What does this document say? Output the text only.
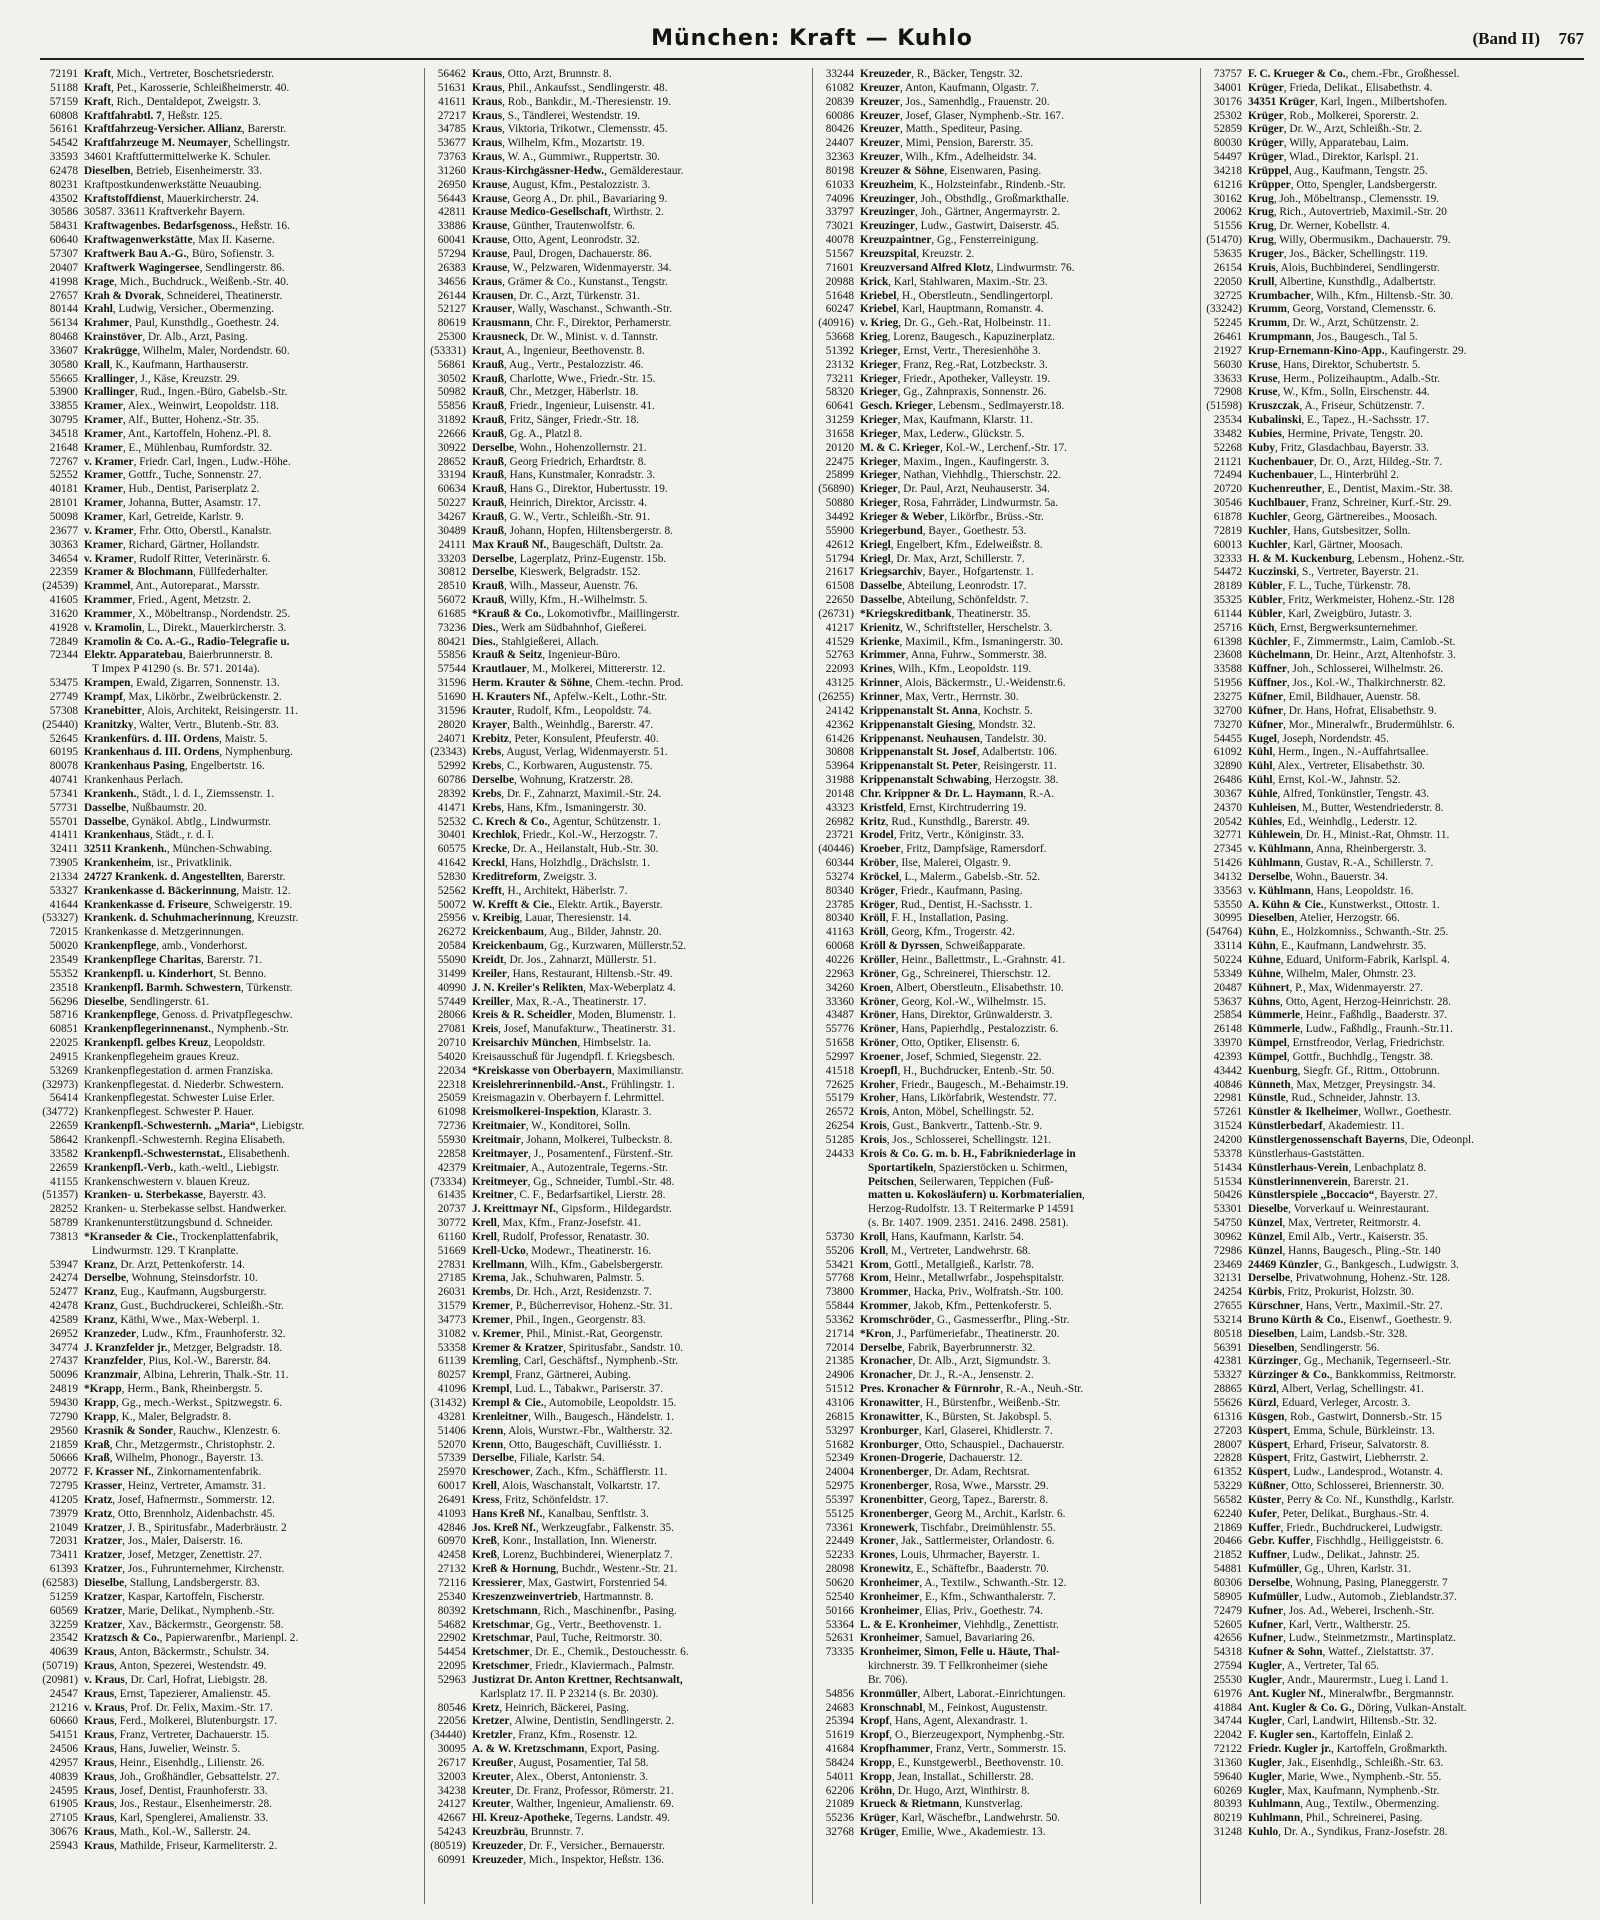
München: Kraft — Kuhlo	(Band II) 767
72191 Kraft, Mich., Vertreter, Boschetsriederstr.
51188 Kraft, Pet., Karosserie, Schleißheimerstr. 40.
57159 Kraft, Rich., Dentaldepot, Zweigstr. 3.
60808 Kraftfahrabtl. 7, Heßstr. 125.
56161 Kraftfahrzeug-Versicher. Allianz, Barerstr.
54542 Kraftfahrzeuge M. Neumayer, Schellingstr.
33593 34601 Kraftfuttermittelwerke K. Schuler.
62478 Dieselben, Betrieb, Eisenheimerstr. 33.
80231 Kraftpostkundenwerkstätte Neuaubing.
43502 Kraftstoffdienst, Mauerkircherstr. 24.
30586 30587. 33611 Kraftverkehr Bayern.
58431 Kraftwagenbes. Bedarfsgenoss., Heßstr. 16.
60640 Kraftwagenwerkstätte, Max II. Kaserne.
57307 Kraftwerk Bau A.-G., Büro, Sofienstr. 3.
20407 Kraftwerk Wagingersee, Sendlingerstr. 86.
41998 Krage, Mich., Buchdruck., Weißenb.-Str. 40.
27657 Krah & Dvorak, Schneiderei, Theatinerstr.
80144 Krahl, Ludwig, Versicher., Obermenzing.
56134 Krahmer, Paul, Kunsthdlg., Goethestr. 24.
80468 Krainstöver, Dr. Alb., Arzt, Pasing.
33607 Krakrügge, Wilhelm, Maler, Nordendstr. 60.
30580 Krall, K., Kaufmann, Harthauserstr.
55665 Krallinger, J., Käse, Kreuzstr. 29.
53900 Krallinger, Rud., Ingen.-Büro, Gabelsb.-Str.
33855 Kramer, Alex., Weinwirt, Leopoldstr. 118.
30795 Kramer, Alf., Butter, Hohenz.-Str. 35.
34518 Kramer, Ant., Kartoffeln, Hohenz.-Pl. 8.
21648 Kramer, E., Mühlenbau, Rumfordstr. 32.
72767 v. Kramer, Friedr. Carl, Ingen., Ludw.-Höhe.
52552 Kramer, Gottfr., Tuche, Sonnenstr. 27.
40181 Kramer, Hub., Dentist, Pariserplatz 2.
28101 Kramer, Johanna, Butter, Asamstr. 17.
50098 Kramer, Karl, Getreide, Karlstr. 9.
23677 v. Kramer, Frhr. Otto, Oberstl., Kanalstr.
30363 Kramer, Richard, Gärtner, Hollandstr.
34654 v. Kramer, Rudolf Ritter, Veterinärstr. 6.
22359 Kramer & Blochmann, Füllfederhalter.
(24539) Krammel, Ant., Autoreparat., Marsstr.
41605 Krammer, Fried., Agent, Metzstr. 2.
31620 Krammer, X., Möbeltransp., Nordendstr. 25.
41928 v. Kramolin, L., Direkt., Mauerkircherstr. 3.
72849 Kramolin & Co. A.-G., Radio-Telegrafie u.
72344 Elektr. Apparatebau, Baierbrunnerstr. 8.
T Impex P 41290 (s. Br. 571. 2014a).
53475 Krampen, Ewald, Zigarren, Sonnenstr. 13.
27749 Krampf, Max, Likörbr., Zweibrückenstr. 2.
57308 Kranebitter, Alois, Architekt, Reisingerstr. 11.
(25440) Kranitzky, Walter, Vertr., Blutenb.-Str. 83.
52645 Krankenfürs. d. III. Ordens, Maistr. 5.
60195 Krankenhaus d. III. Ordens, Nymphenburg.
80078 Krankenhaus Pasing, Engelbertstr. 16.
40741 Krankenhaus Perlach.
57341 Krankenh., Städt., l. d. I., Ziemssenstr. 1.
57731 Dasselbe, Nußbaumstr. 20.
55701 Dasselbe, Gynäkol. Abtlg., Lindwurmstr.
41411 Krankenhaus, Städt., r. d. I.
32411 32511 Krankenh., München-Schwabing.
73905 Krankenheim, isr., Privatklinik.
21334 24727 Krankenk. d. Angestellten, Barerstr.
53327 Krankenkasse d. Bäckerinnung, Maistr. 12.
41644 Krankenkasse d. Friseure, Schweigerstr. 19.
(53327) Krankenk. d. Schuhmacherinnung, Kreuzstr.
72015 Krankenkasse d. Metzgerinnungen.
50020 Krankenpflege, amb., Vonderhorst.
23549 Krankenpflege Charitas, Barerstr. 71.
55352 Krankenpfl. u. Kinderhort, St. Benno.
23518 Krankenpfl. Barmh. Schwestern, Türkenstr.
56296 Dieselbe, Sendlingerstr. 61.
58716 Krankenpflege, Genoss. d. Privatpflegeschw.
60851 Krankenpflegerinnenanst., Nymphenb.-Str.
22025 Krankenpfl. gelbes Kreuz, Leopoldstr.
24915 Krankenpflegeheim graues Kreuz.
53269 Krankenpflegestation d. armen Franziska.
(32973) Krankenpflegestat. d. Niederbr. Schwestern.
56414 Krankenpflegestat. Schwester Luise Erler.
(34772) Krankenpflegest. Schwester P. Hauer.
22659 Krankenpfl.-Schwesternh. „Maria“, Liebigstr.
58642 Krankenpfl.-Schwesternh. Regina Elisabeth.
33582 Krankenpfl.-Schwesternstat., Elisabethenh.
22659 Krankenpfl.-Verb., kath.-weltl., Liebigstr.
41155 Krankenschwestern v. blauen Kreuz.
(51357) Kranken- u. Sterbekasse, Bayerstr. 43.
28252 Kranken- u. Sterbekasse selbst. Handwerker.
58789 Krankenunterstützungsbund d. Schneider.
73813 *Kranseder & Cie., Trockenplattenfabrik,
Lindwurmstr. 129. T Kranplatte.
53947 Kranz, Dr. Arzt, Pettenkoferstr. 14.
24274 Derselbe, Wohnung, Steinsdorfstr. 10.
52477 Kranz, Eug., Kaufmann, Augsburgerstr.
42478 Kranz, Gust., Buchdruckerei, Schleißh.-Str.
42589 Kranz, Käthi, Wwe., Max-Weberpl. 1.
26952 Kranzeder, Ludw., Kfm., Fraunhoferstr. 32.
34774 J. Kranzfelder jr., Metzger, Belgradstr. 18.
27437 Kranzfelder, Pius, Kol.-W., Barerstr. 84.
50096 Kranzmair, Albina, Lehrerin, Thalk.-Str. 11.
24819 *Krapp, Herm., Bank, Rheinbergstr. 5.
59430 Krapp, Gg., mech.-Werkst., Spitzwegstr. 6.
72790 Krapp, K., Maler, Belgradstr. 8.
29560 Krasnik & Sonder, Rauchw., Klenzestr. 6.
21859 Kraß, Chr., Metzgermstr., Christophstr. 2.
50666 Kraß, Wilhelm, Phonogr., Bayerstr. 13.
20772 F. Krasser Nf., Zinkornamentenfabrik.
72795 Krasser, Heinz, Vertreter, Amamstr. 31.
41205 Kratz, Josef, Hafnermstr., Sommerstr. 12.
73979 Kratz, Otto, Brennholz, Aidenbachstr. 45.
21049 Kratzer, J. B., Spiritusfabr., Maderbräustr. 2
72031 Kratzer, Jos., Maler, Daiserstr. 16.
73411 Kratzer, Josef, Metzger, Zenettistr. 27.
61393 Kratzer, Jos., Fuhrunternehmer, Kirchenstr.
(62583) Dieselbe, Stallung, Landsbergerstr. 83.
51259 Kratzer, Kaspar, Kartoffeln, Fischerstr.
60569 Kratzer, Marie, Delikat., Nymphenb.-Str.
32259 Kratzer, Xav., Bäckermstr., Georgenstr. 58.
23542 Kratzsch & Co., Papierwarenfbr., Marienpl. 2.
40639 Kraus, Anton, Bäckermstr., Schulstr. 34.
(50719) Kraus, Anton, Spezerei, Westendstr. 49.
(20981) v. Kraus, Dr. Carl, Hofrat, Liebigstr. 28.
24547 Kraus, Ernst, Tapezierer, Amalienstr. 45.
21216 v. Kraus, Prof. Dr. Felix, Maxim.-Str. 17.
60660 Kraus, Ferd., Molkerei, Blutenburgstr. 17.
54151 Kraus, Franz, Vertreter, Dachauerstr. 15.
24506 Kraus, Hans, Juwelier, Weinstr. 5.
42957 Kraus, Heinr., Eisenhdlg., Lilienstr. 26.
40839 Kraus, Joh., Großhändler, Gebsattelstr. 27.
24595 Kraus, Josef, Dentist, Fraunhoferstr. 33.
61905 Kraus, Jos., Restaur., Elsenheimerstr. 28.
27105 Kraus, Karl, Spenglerei, Amalienstr. 33.
30676 Kraus, Math., Kol.-W., Sallerstr. 24.
25943 Kraus, Mathilde, Friseur, Karmeliterstr. 2.
56462 Kraus, Otto, Arzt, Brunnstr. 8.
51631 Kraus, Phil., Ankaufsst., Sendlingerstr. 48.
41611 Kraus, Rob., Bankdir., M.-Theresienstr. 19.
27217 Kraus, S., Tändlerei, Westendstr. 19.
34785 Kraus, Viktoria, Trikotwr., Clemensstr. 45.
53677 Kraus, Wilhelm, Kfm., Mozartstr. 19.
73763 Kraus, W. A., Gummiwr., Ruppertstr. 30.
31260 Kraus-Kirchgässner-Hedw., Gemälderestaur.
26950 Krause, August, Kfm., Pestalozzistr. 3.
56443 Krause, Georg A., Dr. phil., Bavariaring 9.
42811 Krause Medico-Gesellschaft, Wirthstr. 2.
33886 Krause, Günther, Trautenwolfstr. 6.
60041 Krause, Otto, Agent, Leonrodstr. 32.
57294 Krause, Paul, Drogen, Dachauerstr. 86.
26383 Krause, W., Pelzwaren, Widenmayerstr. 34.
34656 Kraus, Grämer & Co., Kunstanst., Tengstr.
26144 Krausen, Dr. C., Arzt, Türkenstr. 31.
52127 Krauser, Wally, Waschanst., Schwanth.-Str.
80619 Krausmann, Chr. F., Direktor, Perhamerstr.
25300 Krausneck, Dr. W., Minist. v. d. Tannstr.
(53331) Kraut, A., Ingenieur, Beethovenstr. 8.
56861 Krauß, Aug., Vertr., Pestalozzistr. 46.
30502 Krauß, Charlotte, Wwe., Friedr.-Str. 15.
50982 Krauß, Chr., Metzger, Häberlstr. 18.
55856 Krauß, Friedr., Ingenieur, Luisenstr. 41.
31892 Krauß, Fritz, Sänger, Friedr.-Str. 18.
22666 Krauß, Gg. A., Platzl 8.
30922 Derselbe, Wohn., Hohenzollernstr. 21.
28652 Krauß, Georg Friedrich, Erhardtstr. 8.
33194 Krauß, Hans, Kunstmaler, Konradstr. 3.
60634 Krauß, Hans G., Direktor, Hubertusstr. 19.
50227 Krauß, Heinrich, Direktor, Arcisstr. 4.
34267 Krauß, G. W., Vertr., Schleißh.-Str. 91.
30489 Krauß, Johann, Hopfen, Hiltensbergerstr. 8.
24111 Max Krauß Nf., Baugeschäft, Dultstr. 2a.
33203 Derselbe, Lagerplatz, Prinz-Eugenstr. 15b.
30812 Derselbe, Kieswerk, Belgradstr. 152.
28510 Krauß, Wilh., Masseur, Auenstr. 76.
56072 Krauß, Willy, Kfm., H.-Wilhelmstr. 5.
61685 *Krauß & Co., Lokomotivfbr., Maillingerstr.
73236 Dies., Werk am Südbahnhof, Gießerei.
80421 Dies., Stahlgießerei, Allach.
55856 Krauß & Seitz, Ingenieur-Büro.
57544 Krautlauer, M., Molkerei, Mittererstr. 12.
31596 Herm. Krauter & Söhne, Chem.-techn. Prod.
51690 H. Krauters Nf., Apfelw.-Kelt., Lothr.-Str.
31596 Krauter, Rudolf, Kfm., Leopoldstr. 74.
28020 Krayer, Balth., Weinhdlg., Barerstr. 47.
24071 Krebitz, Peter, Konsulent, Pfeuferstr. 40.
(23343) Krebs, August, Verlag, Widenmayerstr. 51.
52992 Krebs, C., Korbwaren, Augustenstr. 75.
60786 Derselbe, Wohnung, Kratzerstr. 28.
28392 Krebs, Dr. F., Zahnarzt, Maximil.-Str. 24.
41471 Krebs, Hans, Kfm., Ismaningerstr. 30.
52532 C. Krech & Co., Agentur, Schützenstr. 1.
30401 Krechlok, Friedr., Kol.-W., Herzogstr. 7.
60575 Krecke, Dr. A., Heilanstalt, Hub.-Str. 30.
41642 Kreckl, Hans, Holzhdlg., Drächslstr. 1.
52830 Kreditreform, Zweigstr. 3.
52562 Krefft, H., Architekt, Häberlstr. 7.
50072 W. Krefft & Cie., Elektr. Artik., Bayerstr.
25956 v. Kreibig, Lauar, Theresienstr. 14.
26272 Kreickenbaum, Aug., Bilder, Jahnstr. 20.
20584 Kreickenbaum, Gg., Kurzwaren, Müllerstr.52.
55090 Kreidt, Dr. Jos., Zahnarzt, Müllerstr. 51.
31499 Kreiler, Hans, Restaurant, Hiltensb.-Str. 49.
40990 J. N. Kreiler's Relikten, Max-Weberplatz 4.
57449 Kreiller, Max, R.-A., Theatinerstr. 17.
28066 Kreis & R. Scheidler, Moden, Blumenstr. 1.
27081 Kreis, Josef, Manufakturw., Theatinerstr. 31.
20710 Kreisarchiv München, Himbselstr. 1a.
54020 Kreisausschuß für Jugendpfl. f. Kriegsbesch.
22034 *Kreiskasse von Oberbayern, Maximilianstr.
22318 Kreislehrerinnenbild.-Anst., Frühlingstr. 1.
25059 Kreismagazin v. Oberbayern f. Lehrmittel.
61098 Kreismolkerei-Inspektion, Klarastr. 3.
72736 Kreitmaier, W., Konditorei, Solln.
55930 Kreitmair, Johann, Molkerei, Tulbeckstr. 8.
22858 Kreitmayer, J., Posamentenf., Fürstenf.-Str.
42379 Kreitmaier, A., Autozentrale, Tegerns.-Str.
(73334) Kreitmeyer, Gg., Schneider, Tumbl.-Str. 48.
61435 Kreitner, C. F., Bedarfsartikel, Lierstr. 28.
20737 J. Kreittmayr Nf., Gipsform., Hildegardstr.
30772 Krell, Max, Kfm., Franz-Josefstr. 41.
61160 Krell, Rudolf, Professor, Renatastr. 30.
51669 Krell-Ucko, Modewr., Theatinerstr. 16.
27831 Krellmann, Wilh., Kfm., Gabelsbergerstr.
27185 Krema, Jak., Schuhwaren, Palmstr. 5.
26031 Krembs, Dr. Hch., Arzt, Residenzstr. 7.
31579 Kremer, P., Bücherrevisor, Hohenz.-Str. 31.
34773 Kremer, Phil., Ingen., Georgenstr. 83.
31082 v. Kremer, Phil., Minist.-Rat, Georgenstr.
53358 Kremer & Kratzer, Spiritusfabr., Sandstr. 10.
61139 Kremling, Carl, Geschäftsf., Nymphenb.-Str.
80257 Krempl, Franz, Gärtnerei, Aubing.
41096 Krempl, Lud. L., Tabakwr., Pariserstr. 37.
(31432) Krempl & Cie., Automobile, Leopoldstr. 15.
43281 Krenleitner, Wilh., Baugesch., Händelstr. 1.
51406 Krenn, Alois, Wurstwr.-Fbr., Waltherstr. 32.
52070 Krenn, Otto, Baugeschäft, Cuvilliésstr. 1.
57339 Derselbe, Filiale, Karlstr. 54.
25970 Kreschower, Zach., Kfm., Schäfflerstr. 11.
60017 Krell, Alois, Waschanstalt, Volkartstr. 17.
26491 Kress, Fritz, Schönfeldstr. 17.
41093 Hans Kreß Nf., Kanalbau, Senftlstr. 3.
42846 Jos. Kreß Nf., Werkzeugfabr., Falkenstr. 35.
60970 Kreß, Konr., Installation, Inn. Wienerstr.
42458 Kreß, Lorenz, Buchbinderei, Wienerplatz 7.
27132 Kreß & Hornung, Buchdr., Westenr.-Str. 21.
72116 Kressierer, Max, Gastwirt, Forstenried 54.
25340 Kreszenzweinvertrieb, Hartmannstr. 8.
80392 Kretschmann, Rich., Maschinenfbr., Pasing.
54682 Kretschmar, Gg., Vertr., Beethovenstr. 1.
22902 Kretschmar, Paul, Tuche, Reitmorstr. 30.
54454 Kretschmer, Dr. E., Chemik., Destouchesstr. 6.
22095 Kretschmer, Friedr., Klaviermach., Palmstr.
52963 Justizrat Dr. Anton Krettner, Rechtsanwalt,
Karlsplatz 17. II. P 23214 (s. Br. 2030).
80546 Kretz, Heinrich, Bäckerei, Pasing.
22056 Kretzer, Alwine, Dentistin, Sendlingerstr. 2.
(34440) Kretzler, Franz, Kfm., Rosenstr. 12.
30095 A. & W. Kretzschmann, Export, Pasing.
26717 Kreußer, August, Posamentier, Tal 58.
32003 Kreuter, Alex., Oberst, Antonienstr. 3.
34238 Kreuter, Dr. Franz, Professor, Römerstr. 21.
24127 Kreuter, Walther, Ingenieur, Amalienstr. 69.
42667 Hl. Kreuz-Apotheke, Tegerns. Landstr. 49.
54243 Kreuzbräu, Brunnstr. 7.
(80519) Kreuzeder, Dr. F., Versicher., Bernauerstr.
60991 Kreuzeder, Mich., Inspektor, Heßstr. 136.
33244 Kreuzeder, R., Bäcker, Tengstr. 32.
61082 Kreuzer, Anton, Kaufmann, Olgastr. 7.
20839 Kreuzer, Jos., Samenhdlg., Frauenstr. 20.
60086 Kreuzer, Josef, Glaser, Nymphenb.-Str. 167.
80426 Kreuzer, Matth., Spediteur, Pasing.
24407 Kreuzer, Mimi, Pension, Barerstr. 35.
32363 Kreuzer, Wilh., Kfm., Adelheidstr. 34.
80198 Kreuzer & Söhne, Eisenwaren, Pasing.
61033 Kreuzheim, K., Holzsteinfabr., Rindenb.-Str.
74096 Kreuzinger, Joh., Obsthdlg., Großmarkthalle.
33797 Kreuzinger, Joh., Gärtner, Angermayrstr. 2.
73021 Kreuzinger, Ludw., Gastwirt, Daiserstr. 45.
40078 Kreuzpaintner, Gg., Fensterreinigung.
51567 Kreuzspital, Kreuzstr. 2.
71601 Kreuzversand Alfred Klotz, Lindwurmstr. 76.
20988 Krick, Karl, Stahlwaren, Maxim.-Str. 23.
51648 Kriebel, H., Oberstleutn., Sendlingertorpl.
60247 Kriebel, Karl, Hauptmann, Romanstr. 4.
(40916) v. Krieg, Dr. G., Geh.-Rat, Holbeinstr. 11.
53668 Krieg, Lorenz, Baugesch., Kapuzinerplatz.
51392 Krieger, Ernst, Vertr., Theresienhöhe 3.
23132 Krieger, Franz, Reg.-Rat, Lotzbeckstr. 3.
73211 Krieger, Friedr., Apotheker, Valleystr. 19.
58320 Krieger, Gg., Zahnpraxis, Sonnenstr. 26.
60641 Gesch. Krieger, Lebensm., Sedlmayerstr.18.
31259 Krieger, Max, Kaufmann, Klarstr. 11.
31658 Krieger, Max, Lederw., Glückstr. 5.
20120 M. & C. Krieger, Kol.-W., Lerchenf.-Str. 17.
22475 Krieger, Maxim., Ingen., Kaufingerstr. 3.
25899 Krieger, Nathan, Viehhdlg., Thierschstr. 22.
(56890) Krieger, Dr. Paul, Arzt, Neuhauserstr. 34.
50880 Krieger, Rosa, Fahrräder, Lindwurmstr. 5a.
34492 Krieger & Weber, Likörfbr., Brüss.-Str.
55900 Kriegerbund, Bayer., Goethestr. 53.
42612 Kriegl, Engelbert, Kfm., Edelweißstr. 8.
51794 Kriegl, Dr. Max, Arzt, Schillerstr. 7.
21617 Kriegsarchiv, Bayer., Hofgartenstr. 1.
61508 Dasselbe, Abteilung, Leonrodstr. 17.
22650 Dasselbe, Abteilung, Schönfeldstr. 7.
(26731) *Kriegskreditbank, Theatinerstr. 35.
41217 Krienitz, W., Schriftsteller, Herschelstr. 3.
41529 Krienke, Maximil., Kfm., Ismaningerstr. 30.
52763 Krimmer, Anna, Fuhrw., Sommerstr. 38.
22093 Krines, Wilh., Kfm., Leopoldstr. 119.
43125 Krinner, Alois, Bäckermstr., U.-Weidenstr.6.
(26255) Krinner, Max, Vertr., Herrnstr. 30.
24142 Krippenanstalt St. Anna, Kochstr. 5.
42362 Krippenanstalt Giesing, Mondstr. 32.
61426 Krippenanst. Neuhausen, Tandelstr. 30.
30808 Krippenanstalt St. Josef, Adalbertstr. 106.
53964 Krippenanstalt St. Peter, Reisingerstr. 11.
31988 Krippenanstalt Schwabing, Herzogstr. 38.
20148 Chr. Krippner & Dr. L. Haymann, R.-A.
43323 Kristfeld, Ernst, Kirchtruderring 19.
26982 Kritz, Rud., Kunsthdlg., Barerstr. 49.
23721 Krodel, Fritz, Vertr., Königinstr. 33.
(40446) Kroeber, Fritz, Dampfsäge, Ramersdorf.
60344 Kröber, Ilse, Malerei, Olgastr. 9.
53274 Kröckel, L., Malerm., Gabelsb.-Str. 52.
80340 Kröger, Friedr., Kaufmann, Pasing.
23785 Kröger, Rud., Dentist, H.-Sachsstr. 1.
80340 Kröll, F. H., Installation, Pasing.
41163 Kröll, Georg, Kfm., Trogerstr. 42.
60068 Kröll & Dyrssen, Schweißapparate.
40226 Kröller, Heinr., Ballettmstr., L.-Grahnstr. 41.
22963 Kröner, Gg., Schreinerei, Thierschstr. 12.
34260 Kroen, Albert, Oberstleutn., Elisabethstr. 10.
33360 Kröner, Georg, Kol.-W., Wilhelmstr. 15.
43487 Kröner, Hans, Direktor, Grünwalderstr. 3.
55776 Kröner, Hans, Papierhdlg., Pestalozzistr. 6.
51658 Kröner, Otto, Optiker, Elisenstr. 6.
52997 Kroener, Josef, Schmied, Siegenstr. 22.
41518 Kroepfl, H., Buchdrucker, Entenb.-Str. 50.
72625 Kroher, Friedr., Baugesch., M.-Behaimstr.19.
55179 Kroher, Hans, Likörfabrik, Westendstr. 77.
26572 Krois, Anton, Möbel, Schellingstr. 52.
26254 Krois, Gust., Bankvertr., Tattenb.-Str. 9.
51285 Krois, Jos., Schlosserei, Schellingstr. 121.
24433 Krois & Co. G. m. b. H., Fabrikniederlage in
Sportartikeln, Spazierstöcken u. Schirmen,
Peitschen, Seilerwaren, Teppichen (Fuß-
matten u. Kokosläufern) u. Korbmaterialien,
Herzog-Rudolfstr. 13. T Reitermarke P 14591
(s. Br. 1407. 1909. 2351. 2416. 2498. 2581).
53730 Kroll, Hans, Kaufmann, Karlstr. 54.
55206 Kroll, M., Vertreter, Landwehrstr. 68.
53421 Krom, Gottl., Metallgieß., Karlstr. 78.
57768 Krom, Heinr., Metallwrfabr., Jospehspitalstr.
73800 Krommer, Hacka, Priv., Wolfratsh.-Str. 100.
55844 Krommer, Jakob, Kfm., Pettenkoferstr. 5.
53362 Kromschröder, G., Gasmesserfbr., Pling.-Str.
21714 *Kron, J., Parfümeriefabr., Theatinerstr. 20.
72014 Derselbe, Fabrik, Bayerbrunnerstr. 32.
21385 Kronacher, Dr. Alb., Arzt, Sigmundstr. 3.
24906 Kronacher, Dr. J., R.-A., Jensenstr. 2.
51512 Pres. Kronacher & Fürnrohr, R.-A., Neuh.-Str.
43106 Kronawitter, H., Bürstenfbr., Weißenb.-Str.
26815 Kronawitter, K., Bürsten, St. Jakobspl. 5.
53297 Kronburger, Karl, Glaserei, Khidlerstr. 7.
51682 Kronburger, Otto, Schauspiel., Dachauerstr.
52349 Kronen-Drogerie, Dachauerstr. 12.
24004 Kronenberger, Dr. Adam, Rechtsrat.
52975 Kronenberger, Rosa, Wwe., Marsstr. 29.
55397 Kronenbitter, Georg, Tapez., Barerstr. 8.
55125 Kronenberger, Georg M., Archit., Karlstr. 6.
73361 Kronewerk, Tischfabr., Dreimühlenstr. 55.
22449 Kroner, Jak., Sattlermeister, Orlandostr. 6.
52233 Krones, Louis, Uhrmacher, Bayerstr. 1.
28098 Kronewitz, E., Schäftefbr., Baaderstr. 70.
50620 Kronheimer, A., Textilw., Schwanth.-Str. 12.
52540 Kronheimer, E., Kfm., Schwanthalerstr. 7.
50166 Kronheimer, Elias, Priv., Goethestr. 74.
53364 L. & E. Kronheimer, Viehhdlg., Zenettistr.
52631 Kronheimer, Samuel, Bavariaring 26.
73335 Kronheimer, Simon, Felle u. Häute, Thal-
kirchnerstr. 39. T Fellkronheimer (siehe
Br. 706).
54856 Kronmüller, Albert, Laborat.-Einrichtungen.
24683 Kronschnabl, M., Feinkost, Augustenstr.
25394 Kropf, Hans, Agent, Alexandrastr. 1.
51619 Kropf, O., Bierzeugexport, Nymphenbg.-Str.
41684 Kropfhammer, Franz, Vertr., Sommerstr. 15.
58424 Kropp, E., Kunstgewerbl., Beethovenstr. 10.
54011 Kropp, Jean, Installat., Schillerstr. 28.
62206 Kröhn, Dr. Hugo, Arzt, Winthirstr. 8.
21089 Krueck & Rietmann, Kunstverlag.
55236 Krüger, Karl, Wäschefbr., Landwehrstr. 50.
32768 Krüger, Emilie, Wwe., Akademiestr. 13.
73757 F. C. Krueger & Co., chem.-Fbr., Großhessel.
34001 Krüger, Frieda, Delikat., Elisabethstr. 4.
30176 34351 Krüger, Karl, Ingen., Milbertshofen.
25302 Krüger, Rob., Molkerei, Sporerstr. 2.
52859 Krüger, Dr. W., Arzt, Schleißh.-Str. 2.
80030 Krüger, Willy, Apparatebau, Laim.
54497 Krüger, Wlad., Direktor, Karlspl. 21.
34218 Krüppel, Aug., Kaufmann, Tengstr. 25.
61216 Krüpper, Otto, Spengler, Landsbergerstr.
30162 Krug, Joh., Möbeltransp., Clemensstr. 19.
20062 Krug, Rich., Autovertrieb, Maximil.-Str. 20
51556 Krug, Dr. Werner, Kobellstr. 4.
(51470) Krug, Willy, Obermusikm., Dachauerstr. 79.
53635 Kruger, Jos., Bäcker, Schellingstr. 119.
26154 Kruis, Alois, Buchbinderei, Sendlingerstr.
22050 Krull, Albertine, Kunsthdlg., Adalbertstr.
32725 Krumbacher, Wilh., Kfm., Hiltensb.-Str. 30.
(33242) Krumm, Georg, Vorstand, Clemensstr. 6.
52245 Krumm, Dr. W., Arzt, Schützenstr. 2.
26461 Krumpmann, Jos., Baugesch., Tal 5.
21927 Krup-Ernemann-Kino-App., Kaufingerstr. 29.
56030 Kruse, Hans, Direktor, Schubertstr. 5.
33633 Kruse, Herm., Polizeihauptm., Adalb.-Str.
72908 Kruse, W., Kfm., Solln, Eirschenstr. 44.
(51598) Kruszczak, A., Friseur, Schützenstr. 7.
23534 Kubalinski, E., Tapez., H.-Sachsstr. 17.
33482 Kubies, Hermine, Private, Tengstr. 20.
52268 Kuby, Fritz, Glasdachbau, Bayerstr. 33.
21121 Kuchenbauer, Dr. O., Arzt, Hildeg.-Str. 7.
72494 Kuchenbauer, L., Hinterbrühl 2.
20720 Kuchenreuther, E., Dentist, Maxim.-Str. 38.
30546 Kuchlbauer, Franz, Schreiner, Kurf.-Str. 29.
61878 Kuchler, Georg, Gärtnereibes., Moosach.
72819 Kuchler, Hans, Gutsbesitzer, Solln.
60013 Kuchler, Karl, Gärtner, Moosach.
32333 H. & M. Kuckenburg, Lebensm., Hohenz.-Str.
54472 Kuczinski, S., Vertreter, Bayerstr. 21.
28189 Kübler, F. L., Tuche, Türkenstr. 78.
35325 Kübler, Fritz, Werkmeister, Hohenz.-Str. 128
61144 Kübler, Karl, Zweigbüro, Jutastr. 3.
25716 Küch, Ernst, Bergwerksunternehmer.
61398 Küchler, F., Zimmermstr., Laim, Camlob.-St.
23608 Küchelmann, Dr. Heinr., Arzt, Altenhofstr. 3.
33588 Küffner, Joh., Schlosserei, Wilhelmstr. 26.
51956 Küffner, Jos., Kol.-W., Thalkirchnerstr. 82.
23275 Küfner, Emil, Bildhauer, Auenstr. 58.
32700 Küfner, Dr. Hans, Hofrat, Elisabethstr. 9.
73270 Küfner, Mor., Mineralwfr., Brudermühlstr. 6.
54455 Kugel, Joseph, Nordendstr. 45.
61092 Kühl, Herm., Ingen., N.-Auffahrtsallee.
32890 Kühl, Alex., Vertreter, Elisabethstr. 30.
26486 Kühl, Ernst, Kol.-W., Jahnstr. 52.
30367 Kühle, Alfred, Tonkünstler, Tengstr. 43.
24370 Kuhleisen, M., Butter, Westendriederstr. 8.
20542 Kühles, Ed., Weinhdlg., Lederstr. 12.
32771 Kühlewein, Dr. H., Minist.-Rat, Ohmstr. 11.
27345 v. Kühlmann, Anna, Rheinbergerstr. 3.
51426 Kühlmann, Gustav, R.-A., Schillerstr. 7.
34132 Derselbe, Wohn., Bauerstr. 34.
33563 v. Kühlmann, Hans, Leopoldstr. 16.
53550 A. Kühn & Cie., Kunstwerkst., Ottostr. 1.
30995 Dieselben, Atelier, Herzogstr. 66.
(54764) Kühn, E., Holzkomniss., Schwanth.-Str. 25.
33114 Kühn, E., Kaufmann, Landwehrstr. 35.
50224 Kühne, Eduard, Uniform-Fabrik, Karlspl. 4.
53349 Kühne, Wilhelm, Maler, Ohmstr. 23.
20487 Kühnert, P., Max, Widenmayerstr. 27.
53637 Kühns, Otto, Agent, Herzog-Heinrichstr. 28.
25854 Kümmerle, Heinr., Faßhdlg., Baaderstr. 37.
26148 Kümmerle, Ludw., Faßhdlg., Fraunh.-Str.11.
33970 Kümpel, Ernstfreodor, Verlag, Friedrichstr.
42393 Kümpel, Gottfr., Buchhdlg., Tengstr. 38.
43442 Kuenburg, Siegfr. Gf., Rittm., Ottobrunn.
40846 Künneth, Max, Metzger, Preysingstr. 34.
22981 Künstle, Rud., Schneider, Jahnstr. 13.
57261 Künstler & Ikelheimer, Wollwr., Goethestr.
31524 Künstlerbedarf, Akademiestr. 11.
24200 Künstlergenossenschaft Bayerns, Die, Odeonpl.
53378 Künstlerhaus-Gaststätten.
51434 Künstlerhaus-Verein, Lenbachplatz 8.
51534 Künstlerinnenverein, Barerstr. 21.
50426 Künstlerspiele „Boccacio“, Bayerstr. 27.
53301 Dieselbe, Vorverkauf u. Weinrestaurant.
54750 Künzel, Max, Vertreter, Reitmorstr. 4.
30962 Künzel, Emil Alb., Vertr., Kaiserstr. 35.
72986 Künzel, Hanns, Baugesch., Pling.-Str. 140
23469 24469 Künzler, G., Bankgesch., Ludwigstr. 3.
32131 Derselbe, Privatwohnung, Hohenz.-Str. 128.
24254 Kürbis, Fritz, Prokurist, Holzstr. 30.
27655 Kürschner, Hans, Vertr., Maximil.-Str. 27.
53214 Bruno Kürth & Co., Eisenwf., Goethestr. 9.
80518 Dieselben, Laim, Landsb.-Str. 328.
56391 Dieselben, Sendlingerstr. 56.
42381 Kürzinger, Gg., Mechanik, Tegernseerl.-Str.
53327 Kürzinger & Co., Bankkommiss, Reitmorstr.
28865 Kürzl, Albert, Verlag, Schellingstr. 41.
55626 Kürzl, Eduard, Verleger, Arcostr. 3.
61316 Küsgen, Rob., Gastwirt, Donnersb.-Str. 15
27203 Küspert, Emma, Schule, Bürkleinstr. 13.
28007 Küspert, Erhard, Friseur, Salvatorstr. 8.
22828 Küspert, Fritz, Gastwirt, Liebherrstr. 2.
61352 Küspert, Ludw., Landesprod., Wotanstr. 4.
53229 Küßner, Otto, Schlosserei, Briennerstr. 30.
56582 Küster, Perry & Co. Nf., Kunsthdlg., Karlstr.
62240 Kufer, Peter, Delikat., Burghaus.-Str. 4.
21869 Kuffer, Friedr., Buchdruckerei, Ludwigstr.
20466 Gebr. Kuffer, Fischhdlg., Heiliggeiststr. 6.
21852 Kuffner, Ludw., Delikat., Jahnstr. 25.
54881 Kufmüller, Gg., Uhren, Karlstr. 31.
80306 Derselbe, Wohnung, Pasing, Planeggerstr. 7
58905 Kufmüller, Ludw., Automob., Zieblandstr.37.
72479 Kufner, Jos. Ad., Weberei, Irschenh.-Str.
52605 Kufner, Karl, Vertr., Waltherstr. 25.
42656 Kufner, Ludw., Steinmetzmstr., Martinsplatz.
54318 Kufner & Sohn, Wattef., Zielstattstr. 37.
27594 Kugler, A., Vertreter, Tal 65.
25530 Kugler, Andr., Maurermstr., Lueg i. Land 1.
61976 Ant. Kugler Nf., Mineralwfbr., Bergmannstr.
41884 Ant. Kugler & Co. G., Döring, Vulkan-Anstalt.
34744 Kugler, Carl, Landwirt, Hiltensb.-Str. 32.
22042 F. Kugler sen., Kartoffeln, Einlaß 2.
72122 Friedr. Kugler jr., Kartoffeln, Großmarkth.
31360 Kugler, Jak., Eisenhdlg., Schleißh.-Str. 63.
59640 Kugler, Marie, Wwe., Nymphenb.-Str. 55.
60269 Kugler, Max, Kaufmann, Nymphenb.-Str.
80393 Kuhlmann, Aug., Textilw., Obermenzing.
80219 Kuhlmann, Phil., Schreinerei, Pasing.
31248 Kuhlo, Dr. A., Syndikus, Franz-Josefstr. 28.
